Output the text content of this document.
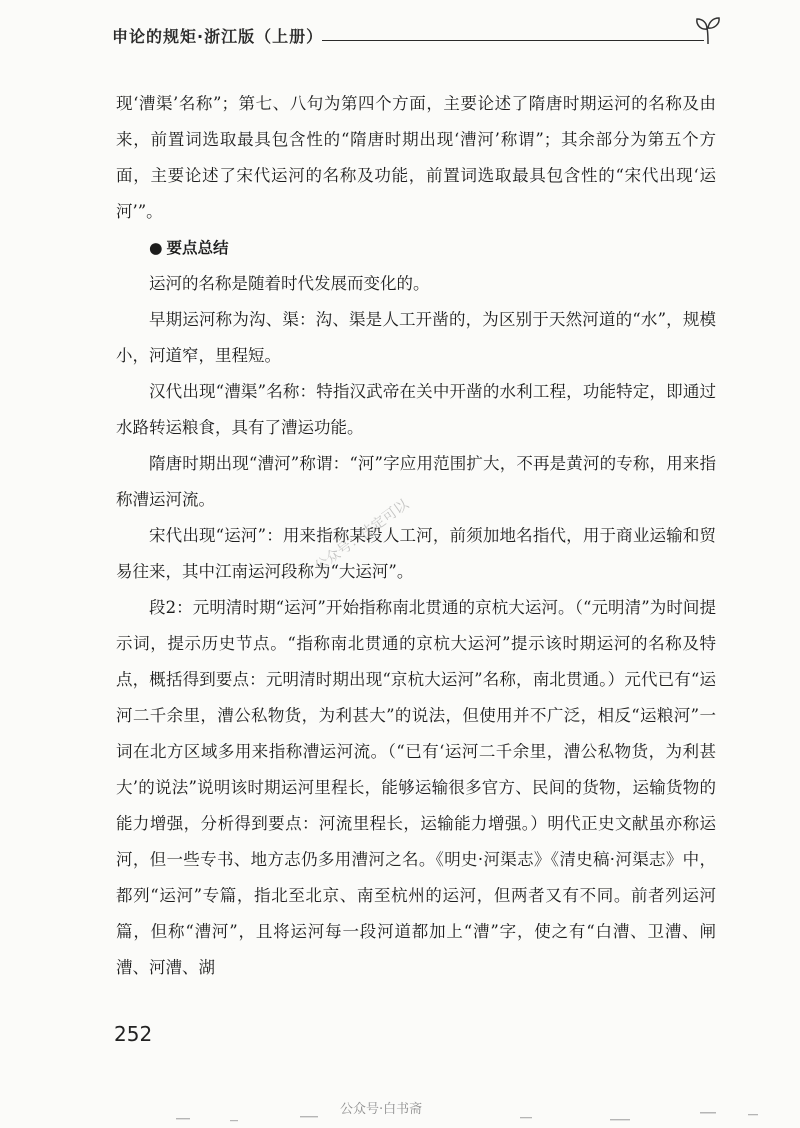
申论的规矩·浙江版（上册）

现‘漕渠’名称”；第七、八句为第四个方面，主要论述了隋唐时期运河的名称及由来，前置词选取最具包含性的“隋唐时期出现‘漕河’称谓”；其余部分为第五个方面，主要论述了宋代运河的名称及功能，前置词选取最具包含性的“宋代出现‘运河’”。

● 要点总结

运河的名称是随着时代发展而变化的。

早期运河称为沟、渠：沟、渠是人工开凿的，为区别于天然河道的“水”，规模小，河道窄，里程短。

汉代出现“漕渠”名称：特指汉武帝在关中开凿的水利工程，功能特定，即通过水路转运粮食，具有了漕运功能。

隋唐时期出现“漕河”称谓：“河”字应用范围扩大，不再是黄河的专称，用来指称漕运河流。

宋代出现“运河”：用来指称某段人工河，前须加地名指代，用于商业运输和贸易往来，其中江南运河段称为“大运河”。

段2：元明清时期“运河”开始指称南北贯通的京杭大运河。（“元明清”为时间提示词，提示历史节点。“指称南北贯通的京杭大运河”提示该时期运河的名称及特点，概括得到要点：元明清时期出现“京杭大运河”名称，南北贯通。）元代已有“运河二千余里，漕公私物货，为利甚大”的说法，但使用并不广泛，相反“运粮河”一词在北方区域多用来指称漕运河流。（“已有‘运河二千余里，漕公私物货，为利甚大’的说法”说明该时期运河里程长，能够运输很多官方、民间的货物，运输货物的能力增强，分析得到要点：河流里程长，运输能力增强。）明代正史文献虽亦称运河，但一些专书、地方志仍多用漕河之名。《明史·河渠志》《清史稿·河渠志》中，都列“运河”专篇，指北至北京、南至杭州的运河，但两者又有不同。前者列运河篇，但称“漕河”，且将运河每一段河道都加上“漕”字，使之有“白漕、卫漕、闸漕、河漕、湖

公众号：法定可以
252
公众号·白书斋
